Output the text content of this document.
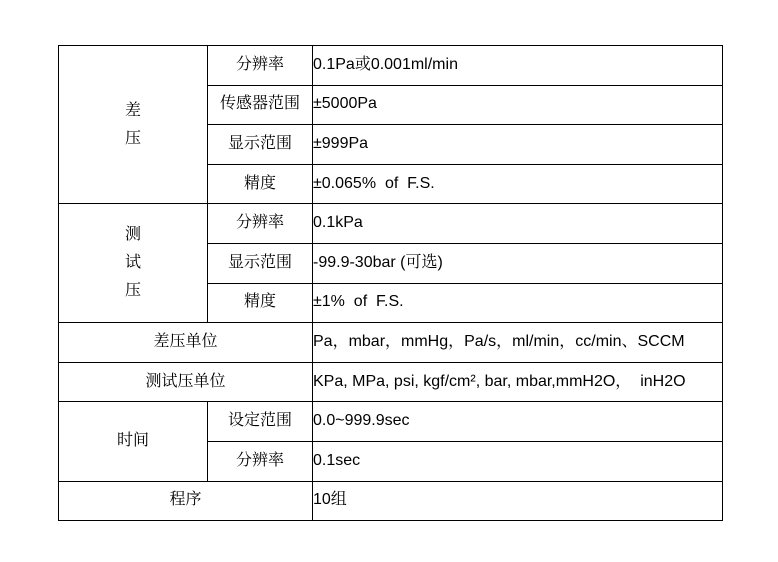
差压	分辨率	0.1Pa或0.001ml/min
	传感器范围	±5000Pa
	显示范围	±999Pa
	精度	±0.065%  of  F.S.
测试压	分辨率	0.1kPa
	显示范围	-99.9-30bar (可选)
	精度	±1%  of  F.S.
差压单位		Pa，mbar，mmHg，Pa/s，ml/min，cc/min、SCCM
测试压单位		KPa, MPa, psi, kgf/cm², bar, mbar,mmH2O，  inH2O
时间	设定范围	0.0~999.9sec
	分辨率	0.1sec
程序		10组
